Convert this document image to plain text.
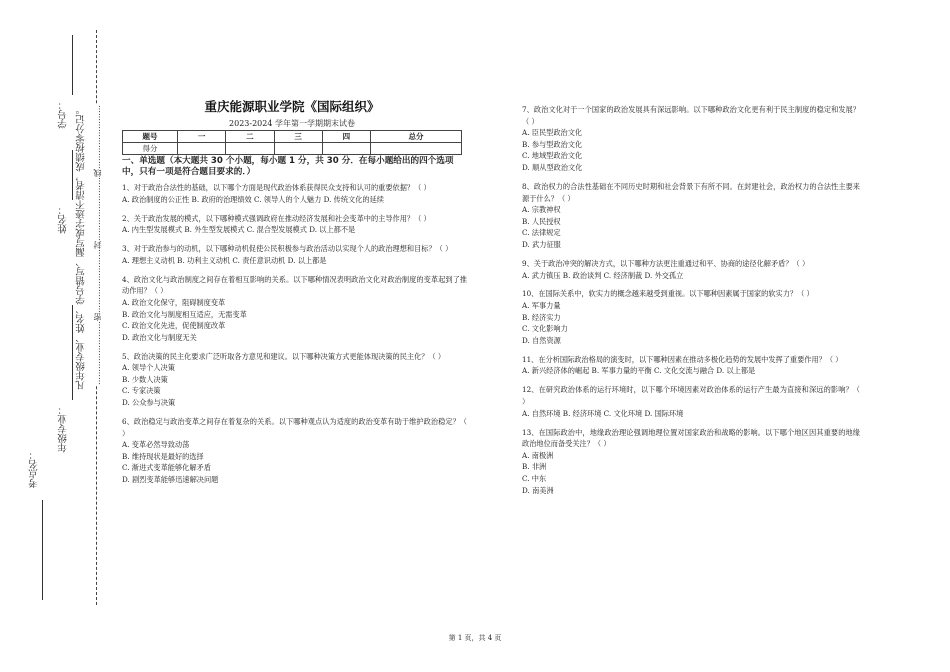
学号：
姓名：
年级专业：
凡年级专业、姓名、学号错写、漏写或字迹不清者，成绩按零分记。 ……………………密……………………封……………………线……………………
考点名：
重庆能源职业学院《国际组织》
2023-2024 学年第一学期期末试卷
题号	一	二	三	四	总分
得分					
一、单选题（本大题共 30 个小题，每小题 1 分，共 30 分．在每小题给出的四个选项中，只有一项是符合题目要求的．）

1、对于政治合法性的基础，以下哪个方面是现代政治体系获得民众支持和认可的重要依据？（ ）

A. 政治制度的公正性 B. 政府的治理绩效 C. 领导人的个人魅力 D. 传统文化的延续

2、关于政治发展的模式，以下哪种模式强调政府在推动经济发展和社会变革中的主导作用？（ ）

A. 内生型发展模式 B. 外生型发展模式 C. 混合型发展模式 D. 以上都不是

3、对于政治参与的动机，以下哪种动机促使公民积极参与政治活动以实现个人的政治理想和目标？（ ）

A. 理想主义动机 B. 功利主义动机 C. 责任意识动机 D. 以上都是

4、政治文化与政治制度之间存在着相互影响的关系。以下哪种情况表明政治文化对政治制度的变革起到了推动作用？（ ）

A. 政治文化保守，阻碍制度变革

B. 政治文化与制度相互适应，无需变革

C. 政治文化先进，促使制度改革

D. 政治文化与制度无关

5、政治决策的民主化要求广泛听取各方意见和建议。以下哪种决策方式更能体现决策的民主化？（ ）

A. 领导个人决策

B. 少数人决策

C. 专家决策

D. 公众参与决策

6、政治稳定与政治变革之间存在着复杂的关系。以下哪种观点认为适度的政治变革有助于维护政治稳定？（ ）

A. 变革必然导致动荡

B. 维持现状是最好的选择

C. 渐进式变革能够化解矛盾

D. 剧烈变革能够迅速解决问题

7、政治文化对于一个国家的政治发展具有深远影响。以下哪种政治文化更有利于民主制度的稳定和发展？（ ）

A. 臣民型政治文化

B. 参与型政治文化

C. 地域型政治文化

D. 顺从型政治文化

8、政治权力的合法性基础在不同历史时期和社会背景下有所不同。在封建社会，政治权力的合法性主要来源于什么？（ ）

A. 宗教神权

B. 人民授权

C. 法律规定

D. 武力征服

9、关于政治冲突的解决方式，以下哪种方法更注重通过和平、协商的途径化解矛盾？（ ）

A. 武力镇压 B. 政治谈判 C. 经济制裁 D. 外交孤立

10、在国际关系中，软实力的概念越来越受到重视。以下哪种因素属于国家的软实力？（ ）

A. 军事力量

B. 经济实力

C. 文化影响力

D. 自然资源

11、在分析国际政治格局的演变时，以下哪种因素在推动多极化趋势的发展中发挥了重要作用？（ ）

A. 新兴经济体的崛起 B. 军事力量的平衡 C. 文化交流与融合 D. 以上都是

12、在研究政治体系的运行环境时，以下哪个环境因素对政治体系的运行产生最为直接和深远的影响？（ ）

A. 自然环境 B. 经济环境 C. 文化环境 D. 国际环境

13、在国际政治中，地缘政治理论强调地理位置对国家政治和战略的影响。以下哪个地区因其重要的地缘政治地位而备受关注？（ ）

A. 南极洲

B. 非洲

C. 中东

D. 南美洲

第 1 页，共 4 页
